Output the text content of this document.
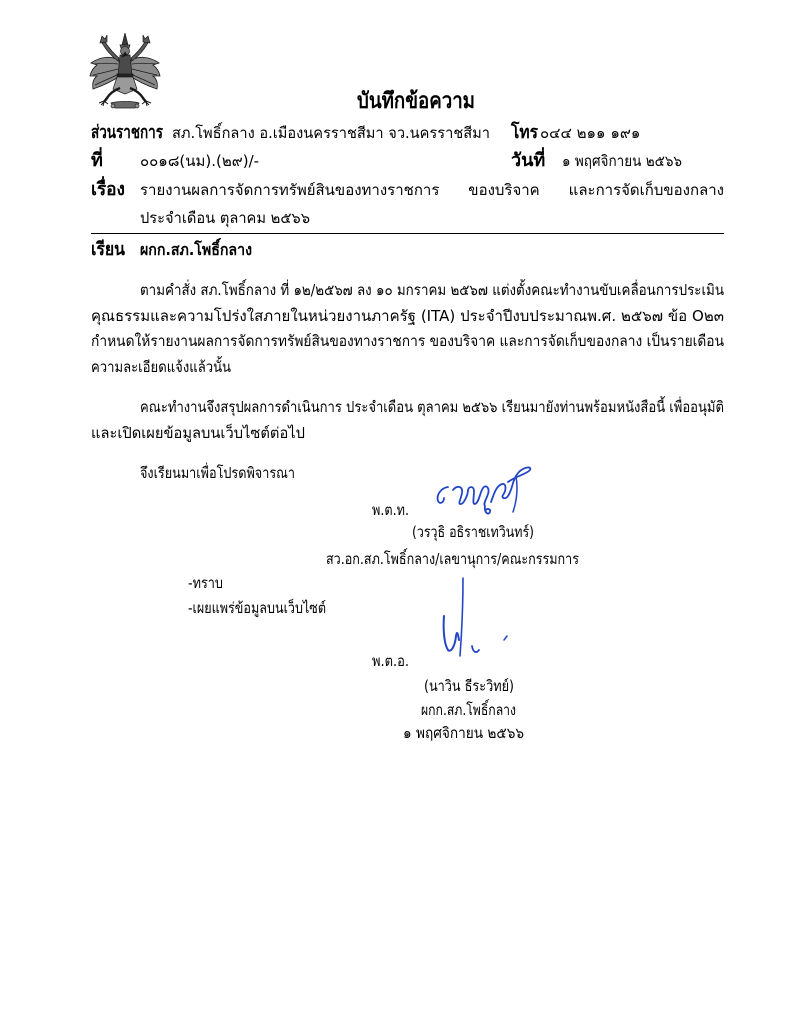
บันทึกข้อความ
ส่วนราชการ สภ.โพธิ์กลาง อ.เมืองนครราชสีมา จว.นครราชสีมา โทร ๐๔๔ ๒๑๑ ๑๙๑
ที่ ๐๐๑๘(นม).(๒๙)/-	วันที่ ๑ พฤศจิกายน ๒๕๖๖
เรื่อง รายงานผลการจัดการทรัพย์สินของทางราชการ ของบริจาค และการจัดเก็บของกลาง
ประจำเดือน ตุลาคม ๒๕๖๖
เรียน ผกก.สภ.โพธิ์กลาง
ตามคำสั่ง สภ.โพธิ์กลาง ที่ ๑๒/๒๕๖๗ ลง ๑๐ มกราคม ๒๕๖๗ แต่งตั้งคณะทำงานขับเคลื่อนการประเมิน
คุณธรรมและความโปร่งใสภายในหน่วยงานภาครัฐ (ITA) ประจำปีงบประมาณพ.ศ. ๒๕๖๗ ข้อ O๒๓
กำหนดให้รายงานผลการจัดการทรัพย์สินของทางราชการ ของบริจาค และการจัดเก็บของกลาง เป็นรายเดือน
ความละเอียดแจ้งแล้วนั้น
คณะทำงานจึงสรุปผลการดำเนินการ ประจำเดือน ตุลาคม ๒๕๖๖ เรียนมายังท่านพร้อมหนังสือนี้ เพื่ออนุมัติ
และเปิดเผยข้อมูลบนเว็บไซต์ต่อไป
จึงเรียนมาเพื่อโปรดพิจารณา
พ.ต.ท.
(วรวุธิ อธิราชเทวินทร์)
สว.อก.สภ.โพธิ์กลาง/เลขานุการ/คณะกรรมการ
-ทราบ
-เผยแพร่ข้อมูลบนเว็บไซต์
พ.ต.อ.
(นาวิน ธีระวิทย์)
ผกก.สภ.โพธิ์กลาง
๑ พฤศจิกายน ๒๕๖๖
